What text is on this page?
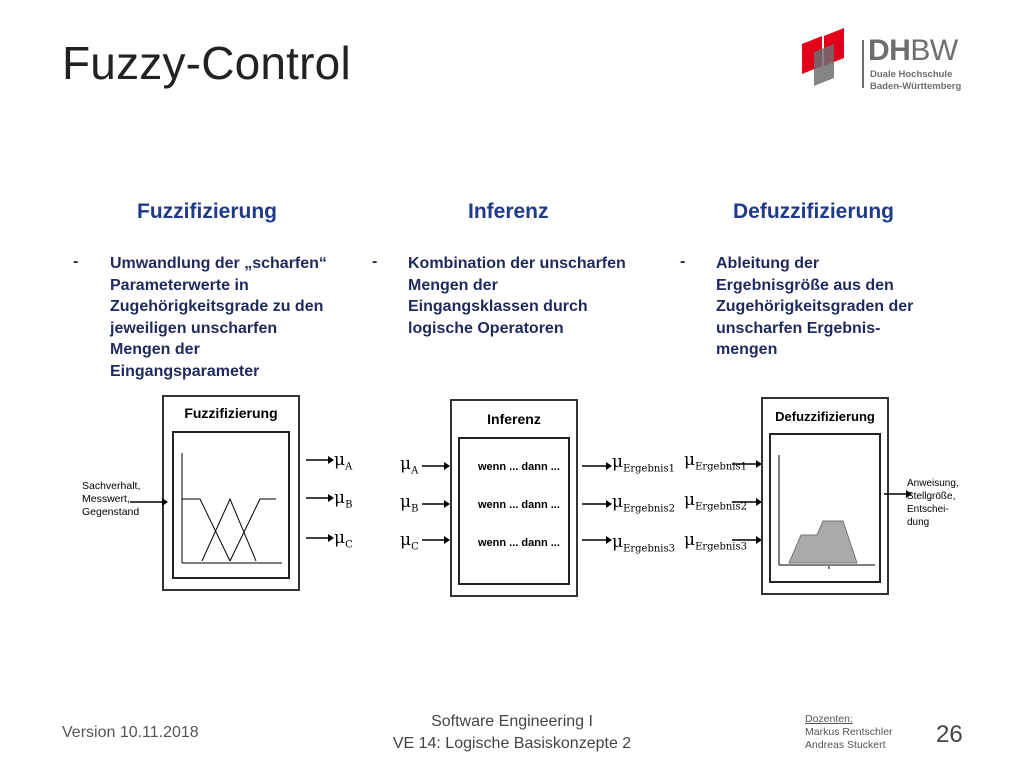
Fuzzy-Control	DHBW
Duale Hochschule
Baden-Württemberg
Fuzzifizierung	Inferenz	Defuzzifizierung
- Umwandlung der „scharfen“
Parameterwerte in
Zugehörigkeitsgrade zu den
jeweiligen unscharfen
Mengen der
Eingangsparameter
- Kombination der unscharfen
Mengen der
Eingangsklassen durch
logische Operatoren
- Ableitung der
Ergebnisgröße aus den
Zugehörigkeitsgraden der
unscharfen Ergebnis-
mengen
Fuzzifizierung
Sachverhalt,
Messwert,
Gegenstand
$\mu_A$
$\mu_B$
$\mu_C$
$\mu_A$
$\mu_B$
$\mu_C$
Inferenz
wenn ... dann ...
wenn ... dann ...
wenn ... dann ...
$\mu_{Ergebnis1}$
$\mu_{Ergebnis2}$
$\mu_{Ergebnis3}$
$\mu_{Ergebnis1}$
$\mu_{Ergebnis2}$
$\mu_{Ergebnis3}$
Defuzzifizierung
Anweisung,
Stellgröße,
Entschei-
dung
Version 10.11.2018
Software Engineering I
VE 14: Logische Basiskonzepte 2
Dozenten:
Markus Rentschler
Andreas Stuckert 26
